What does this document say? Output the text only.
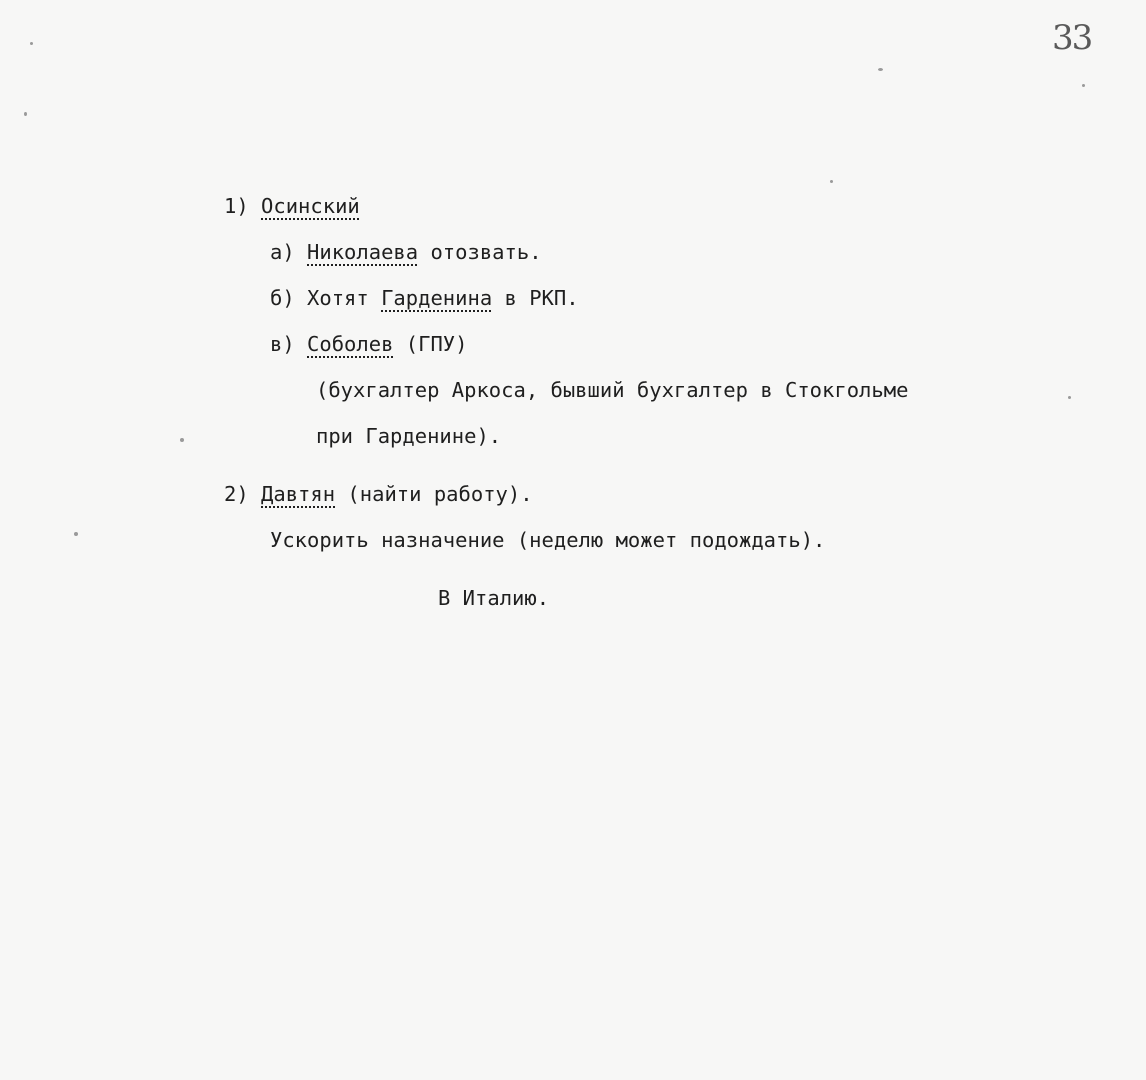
33
1) Осинский
а) Николаева отозвать.
б) Хотят Гарденина в РКП.
в) Соболев (ГПУ)
(бухгалтер Аркоса, бывший бухгалтер в Стокгольме
при Гарденине).
2) Давтян (найти работу).
Ускорить назначение (неделю может подождать).
В Италию.
